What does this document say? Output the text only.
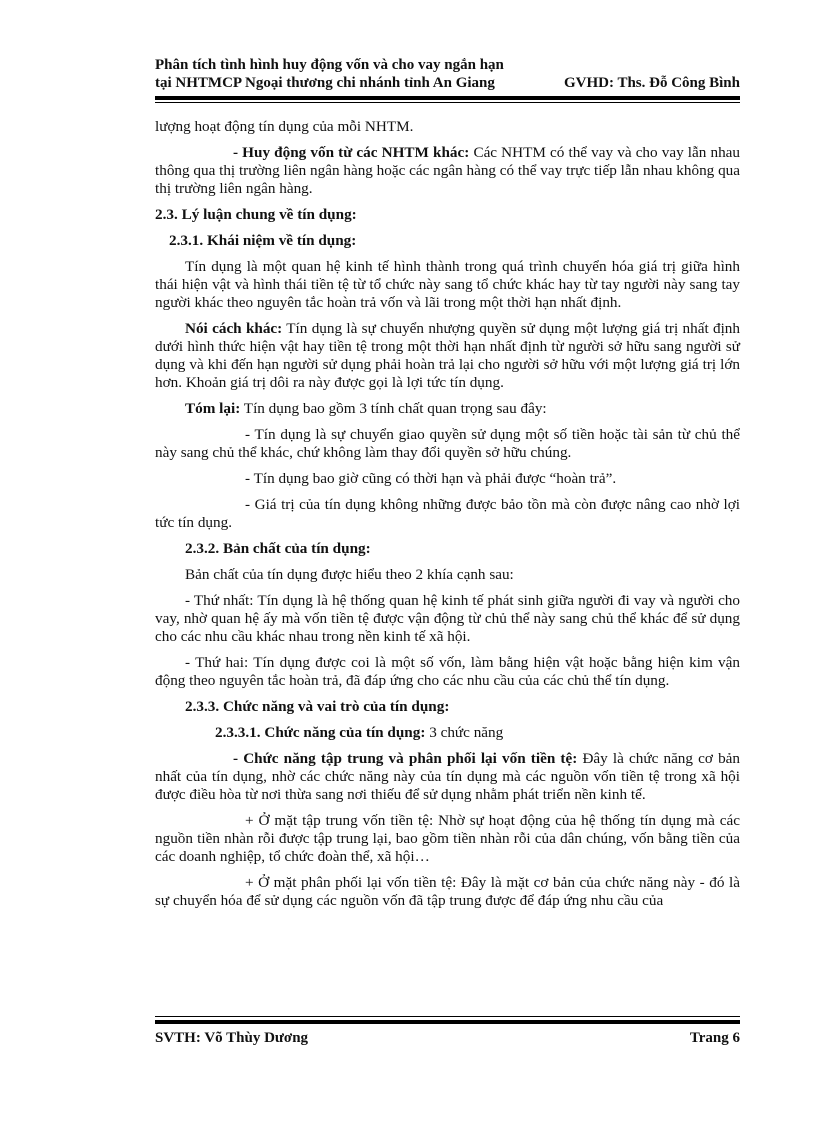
Phân tích tình hình huy động vốn và cho vay ngắn hạn
tại NHTMCP Ngoại thương chi nhánh tỉnh An Giang	GVHD: Ths. Đỗ Công Bình

lượng hoạt động tín dụng của mỗi NHTM.

- Huy động vốn từ các NHTM khác: Các NHTM có thể vay và cho vay lẫn nhau thông qua thị trường liên ngân hàng hoặc các ngân hàng có thể vay trực tiếp lẫn nhau không qua thị trường liên ngân hàng.

2.3. Lý luận chung về tín dụng:

2.3.1. Khái niệm về tín dụng:

Tín dụng là một quan hệ kinh tế hình thành trong quá trình chuyển hóa giá trị giữa hình thái hiện vật và hình thái tiền tệ từ tổ chức này sang tổ chức khác hay từ tay người này sang tay người khác theo nguyên tắc hoàn trả vốn và lãi trong một thời hạn nhất định.

Nói cách khác: Tín dụng là sự chuyển nhượng quyền sử dụng một lượng giá trị nhất định dưới hình thức hiện vật hay tiền tệ trong một thời hạn nhất định từ người sở hữu sang người sử dụng và khi đến hạn người sử dụng phải hoàn trả lại cho người sở hữu với một lượng giá trị lớn hơn. Khoản giá trị dôi ra này được gọi là lợi tức tín dụng.

Tóm lại: Tín dụng bao gồm 3 tính chất quan trọng sau đây:

- Tín dụng là sự chuyển giao quyền sử dụng một số tiền hoặc tài sản từ chủ thể này sang chủ thể khác, chứ không làm thay đổi quyền sở hữu chúng.

- Tín dụng bao giờ cũng có thời hạn và phải được “hoàn trả”.

- Giá trị của tín dụng không những được bảo tồn mà còn được nâng cao nhờ lợi tức tín dụng.

2.3.2. Bản chất của tín dụng:

Bản chất của tín dụng được hiểu theo 2 khía cạnh sau:

- Thứ nhất: Tín dụng là hệ thống quan hệ kinh tế phát sinh giữa người đi vay và người cho vay, nhờ quan hệ ấy mà vốn tiền tệ được vận động từ chủ thể này sang chủ thể khác để sử dụng cho các nhu cầu khác nhau trong nền kinh tế xã hội.

- Thứ hai: Tín dụng được coi là một số vốn, làm bằng hiện vật hoặc bằng hiện kim vận động theo nguyên tắc hoàn trả, đã đáp ứng cho các nhu cầu của các chủ thể tín dụng.

2.3.3. Chức năng và vai trò của tín dụng:

2.3.3.1. Chức năng của tín dụng: 3 chức năng

- Chức năng tập trung và phân phối lại vốn tiền tệ: Đây là chức năng cơ bản nhất của tín dụng, nhờ các chức năng này của tín dụng mà các nguồn vốn tiền tệ trong xã hội được điều hòa từ nơi thừa sang nơi thiếu để sử dụng nhằm phát triển nền kinh tế.

+ Ở mặt tập trung vốn tiền tệ: Nhờ sự hoạt động của hệ thống tín dụng mà các nguồn tiền nhàn rỗi được tập trung lại, bao gồm tiền nhàn rỗi của dân chúng, vốn bằng tiền của các doanh nghiệp, tổ chức đoàn thể, xã hội…

+ Ở mặt phân phối lại vốn tiền tệ: Đây là mặt cơ bản của chức năng này - đó là sự chuyển hóa để sử dụng các nguồn vốn đã tập trung được để đáp ứng nhu cầu của

SVTH: Võ Thùy Dương	Trang 6
